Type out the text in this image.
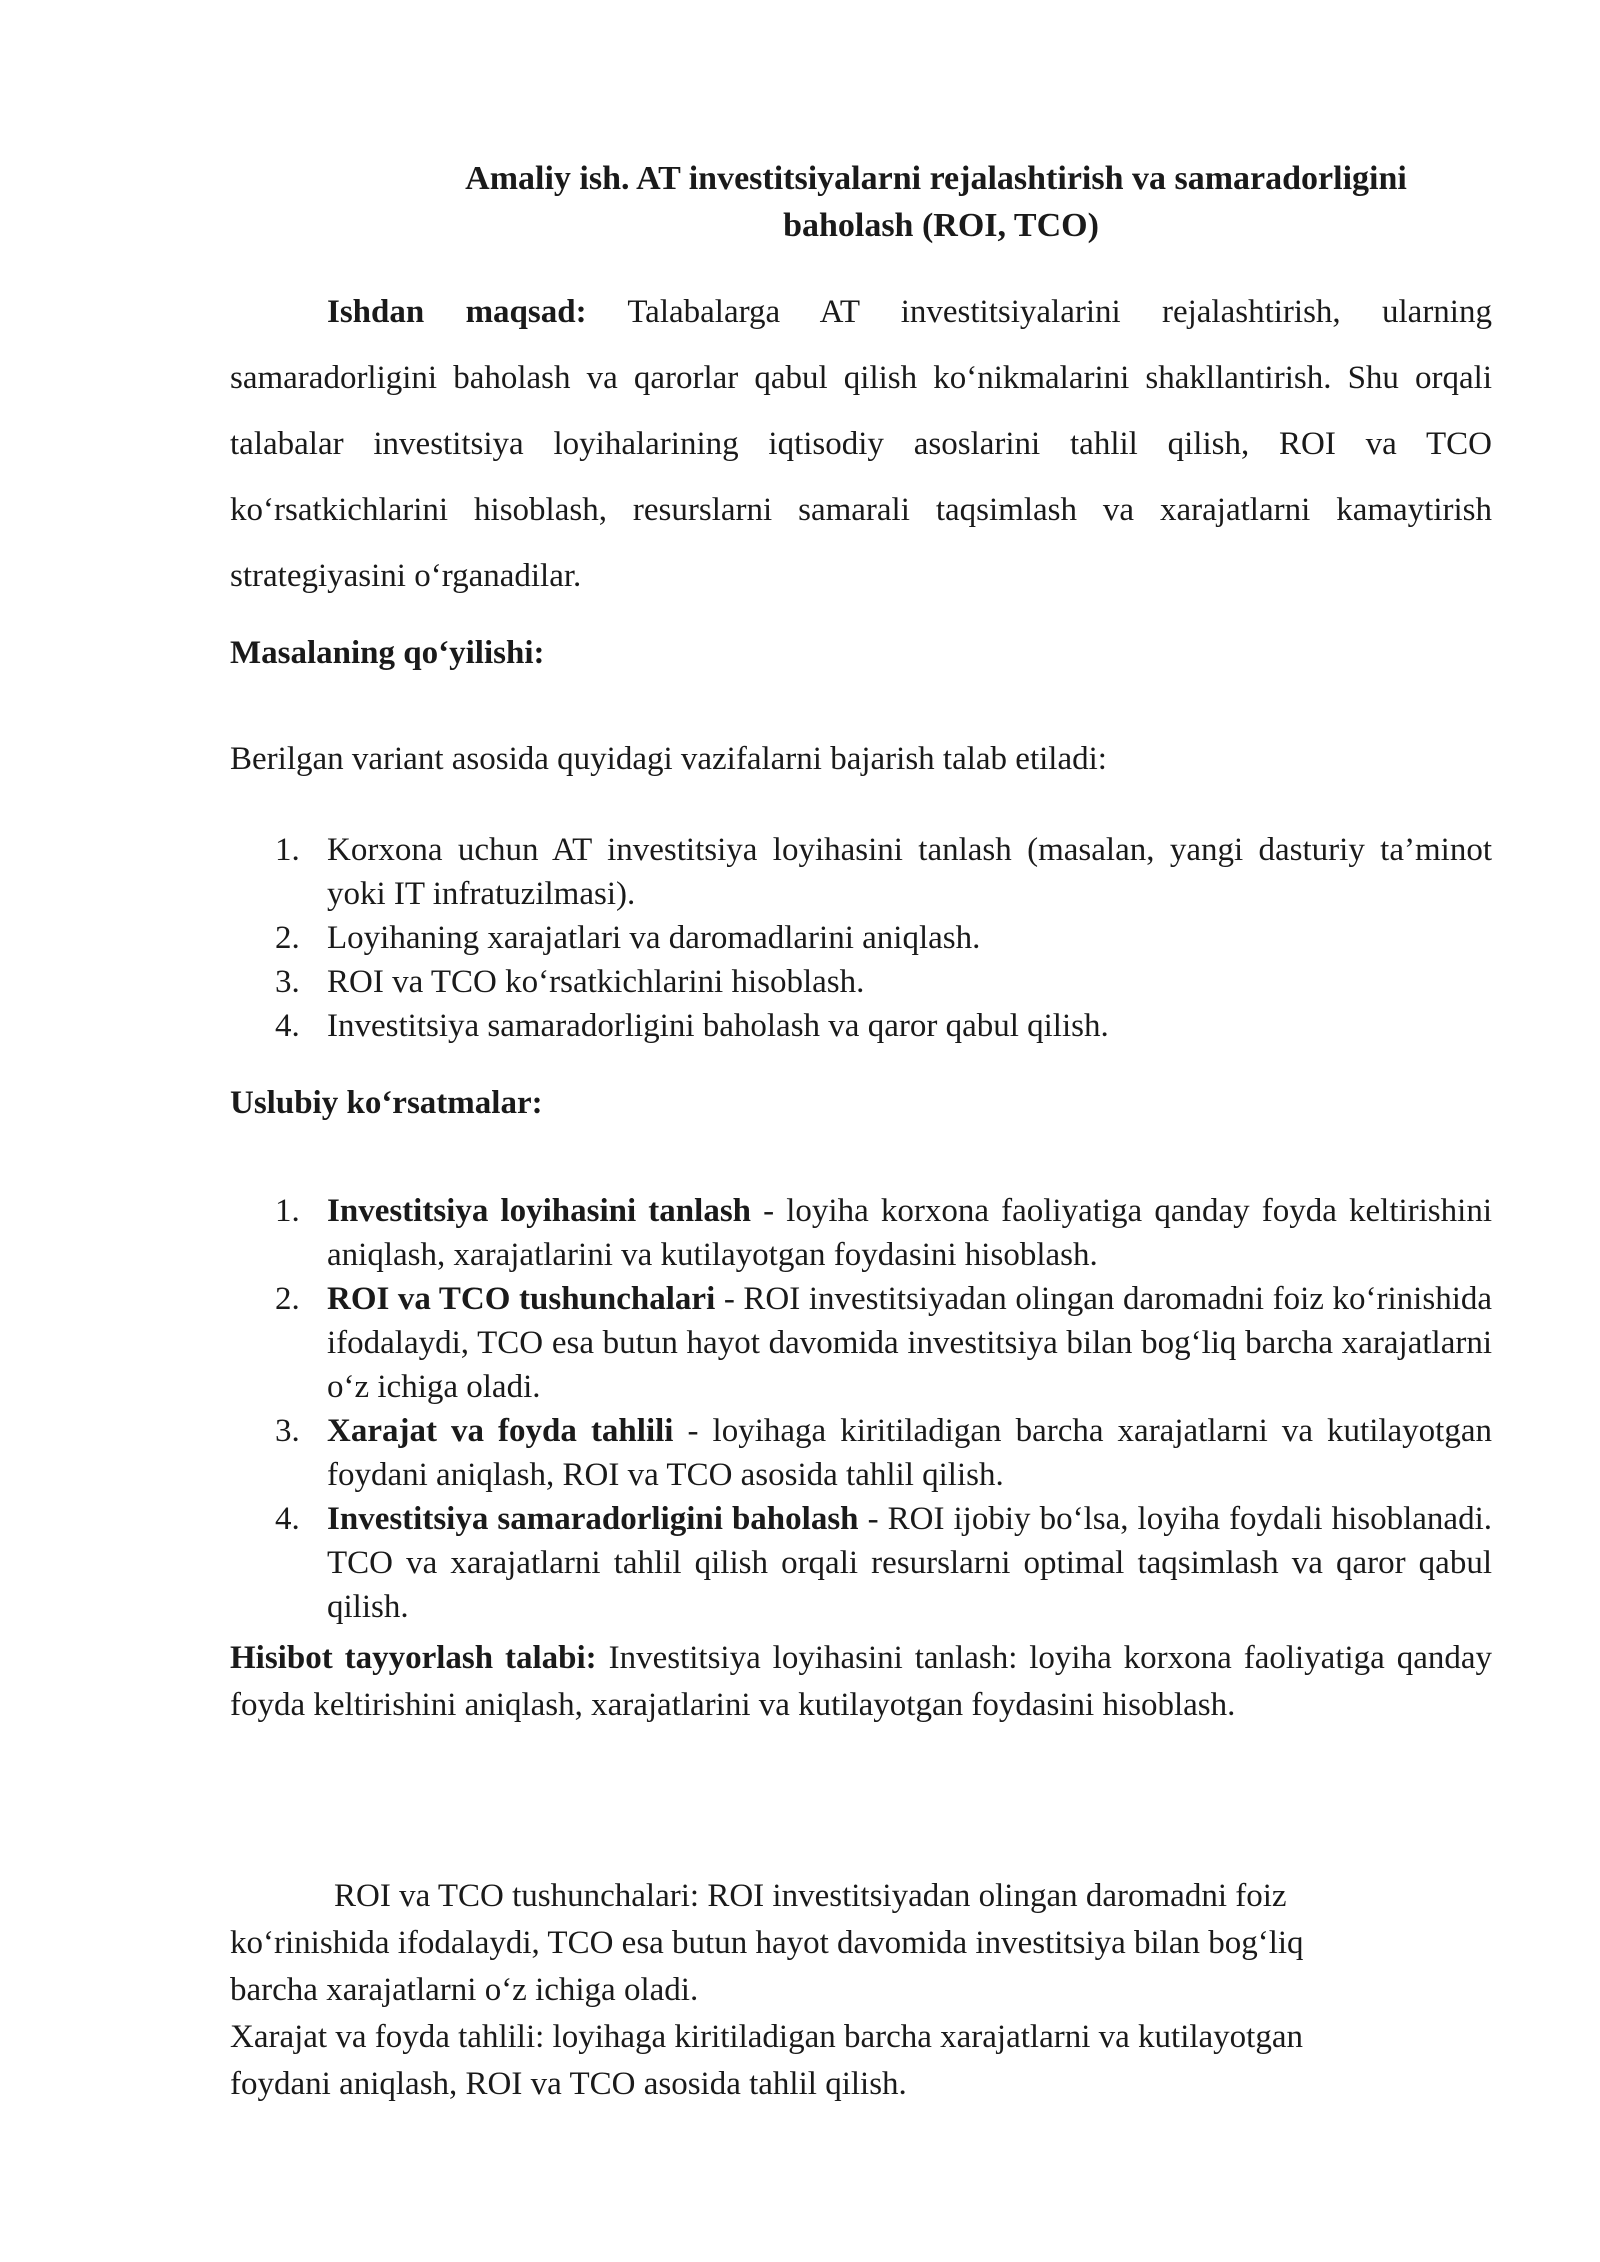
Amaliy ish. AT investitsiyalarni rejalashtirish va samaradorligini
baholash (ROI, TCO)

Ishdan maqsad: Talabalarga AT investitsiyalarini rejalashtirish, ularning samaradorligini baholash va qarorlar qabul qilish ko‘nikmalarini shakllantirish. Shu orqali talabalar investitsiya loyihalarining iqtisodiy asoslarini tahlil qilish, ROI va TCO ko‘rsatkichlarini hisoblash, resurslarni samarali taqsimlash va xarajatlarni kamaytirish strategiyasini o‘rganadilar.

Masalaning qo‘yilishi:
Berilgan variant asosida quyidagi vazifalarni bajarish talab etiladi:
1. Korxona uchun AT investitsiya loyihasini tanlash (masalan, yangi dasturiy ta’minot yoki IT infratuzilmasi).
2. Loyihaning xarajatlari va daromadlarini aniqlash.
3. ROI va TCO ko‘rsatkichlarini hisoblash.
4. Investitsiya samaradorligini baholash va qaror qabul qilish.
Uslubiy ko‘rsatmalar:
1. Investitsiya loyihasini tanlash - loyiha korxona faoliyatiga qanday foyda keltirishini aniqlash, xarajatlarini va kutilayotgan foydasini hisoblash.
2. ROI va TCO tushunchalari - ROI investitsiyadan olingan daromadni foiz ko‘rinishida ifodalaydi, TCO esa butun hayot davomida investitsiya bilan bog‘liq barcha xarajatlarni o‘z ichiga oladi.
3. Xarajat va foyda tahlili - loyihaga kiritiladigan barcha xarajatlarni va kutilayotgan foydani aniqlash, ROI va TCO asosida tahlil qilish.
4. Investitsiya samaradorligini baholash - ROI ijobiy bo‘lsa, loyiha foydali hisoblanadi. TCO va xarajatlarni tahlil qilish orqali resurslarni optimal taqsimlash va qaror qabul qilish.

Hisibot tayyorlash talabi: Investitsiya loyihasini tanlash: loyiha korxona faoliyatiga qanday foyda keltirishini aniqlash, xarajatlarini va kutilayotgan foydasini hisoblash.

ROI va TCO tushunchalari: ROI investitsiyadan olingan daromadni foiz
ko‘rinishida ifodalaydi, TCO esa butun hayot davomida investitsiya bilan bog‘liq
barcha xarajatlarni o‘z ichiga oladi.
Xarajat va foyda tahlili: loyihaga kiritiladigan barcha xarajatlarni va kutilayotgan
foydani aniqlash, ROI va TCO asosida tahlil qilish.
